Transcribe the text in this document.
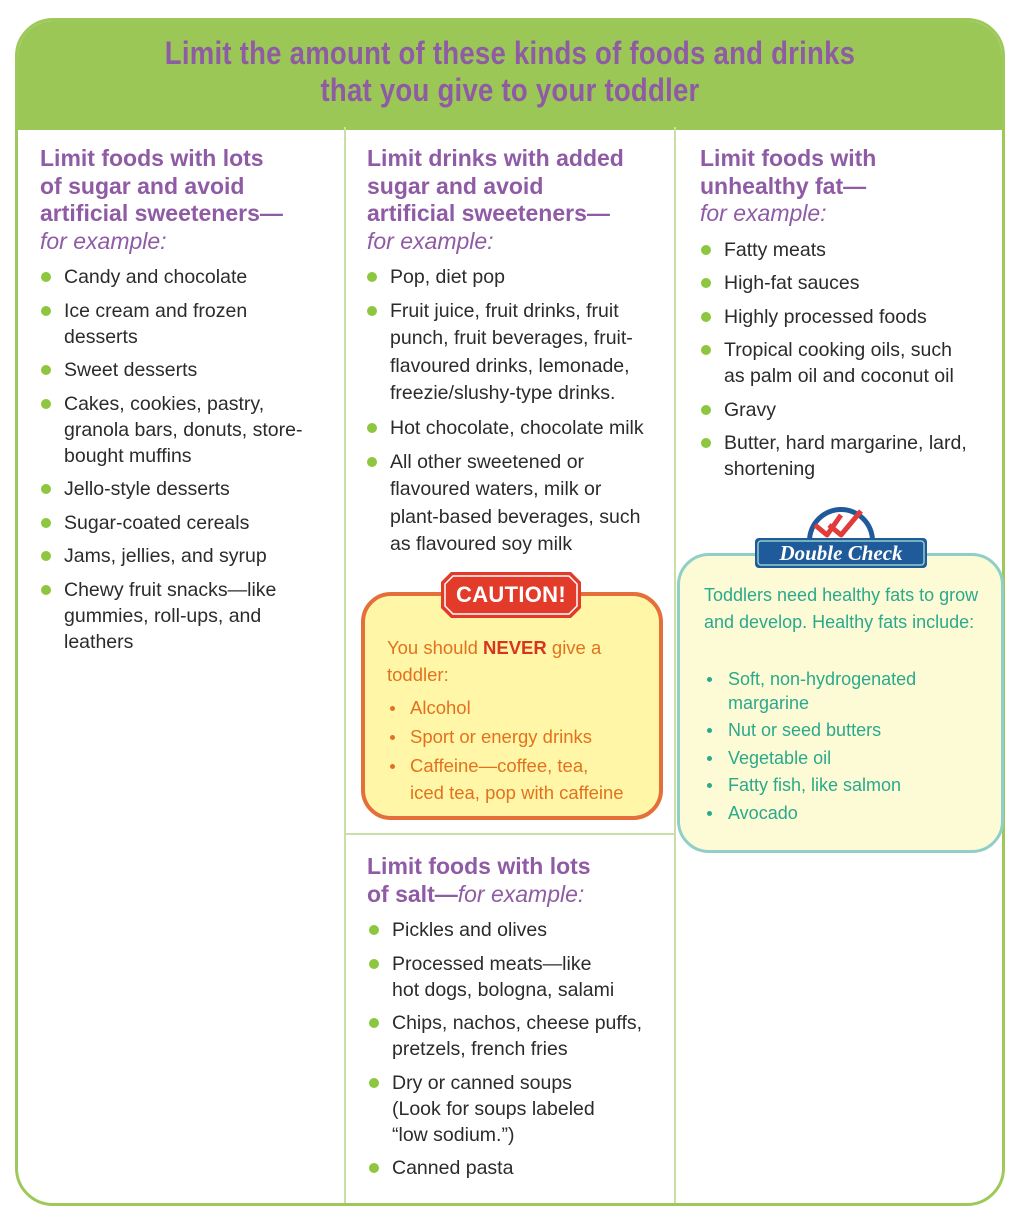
Limit the amount of these kinds of foods and drinks
that you give to your toddler
Limit foods with lots
of sugar and avoid
artificial sweeteners—
for example:
Candy and chocolate
Ice cream and frozen
desserts
Sweet desserts
Cakes, cookies, pastry,
granola bars, donuts, store-
bought muffins
Jello-style desserts
Sugar-coated cereals
Jams, jellies, and syrup
Chewy fruit snacks—like
gummies, roll-ups, and
leathers
Limit drinks with added
sugar and avoid
artificial sweeteners—
for example:
Pop, diet pop
Fruit juice, fruit drinks, fruit
punch, fruit beverages, fruit-
flavoured drinks, lemonade,
freezie/slushy-type drinks.
Hot chocolate, chocolate milk
All other sweetened or
flavoured waters, milk or
plant-based beverages, such
as flavoured soy milk
You should NEVER give a toddler:
Alcohol
Sport or energy drinks
Caffeine—coffee, tea,
iced tea, pop with caffeine
CAUTION!
Limit foods with lots
of salt—for example:
Pickles and olives
Processed meats—like
hot dogs, bologna, salami
Chips, nachos, cheese puffs,
pretzels, french fries
Dry or canned soups
(Look for soups labeled
“low sodium.”)
Canned pasta
Limit foods with
unhealthy fat—
for example:
Fatty meats
High-fat sauces
Highly processed foods
Tropical cooking oils, such
as palm oil and coconut oil
Gravy
Butter, hard margarine, lard,
shortening
Toddlers need healthy fats to grow and develop. Healthy fats include:
Soft, non-hydrogenated
margarine
Nut or seed butters
Vegetable oil
Fatty fish, like salmon
Avocado
Double Check
